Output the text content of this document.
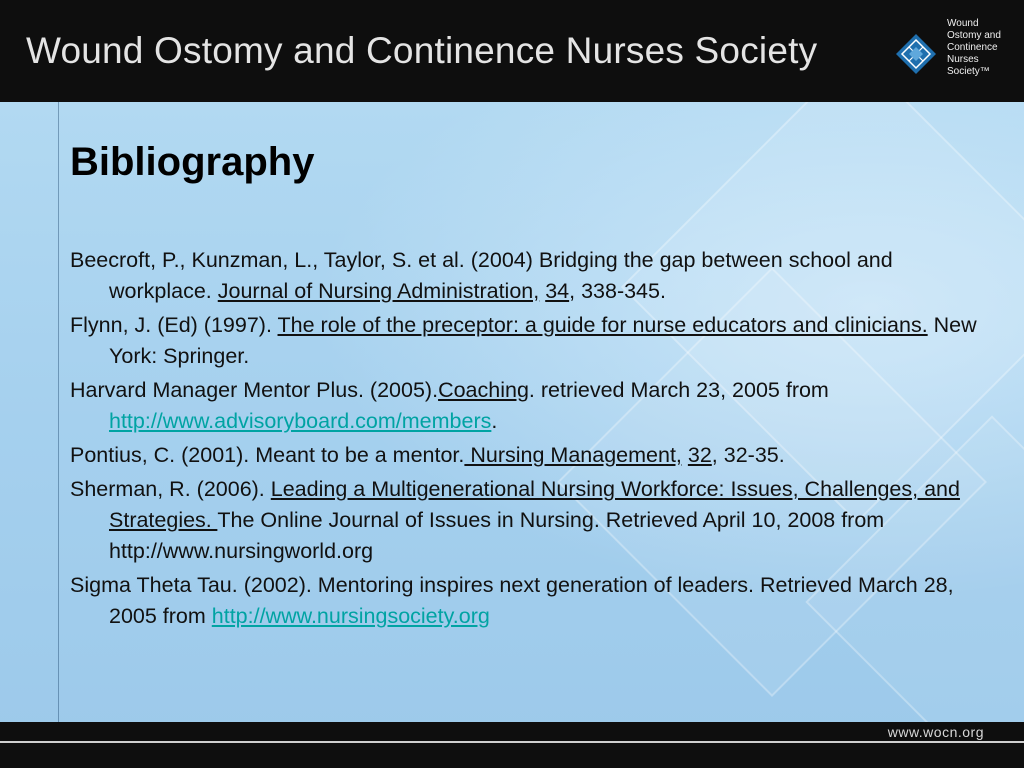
Wound Ostomy and Continence Nurses Society
Wound
Ostomy and
Continence
Nurses
Society™
Bibliography
Beecroft, P., Kunzman, L., Taylor, S. et al. (2004) Bridging the gap between school and workplace. Journal of Nursing Administration, 34, 338-345.
Flynn, J. (Ed) (1997). The role of the preceptor: a guide for nurse educators and clinicians. New York: Springer.
Harvard Manager Mentor Plus. (2005).Coaching. retrieved March 23, 2005 from http://www.advisoryboard.com/members.
Pontius, C. (2001). Meant to be a mentor. Nursing Management, 32, 32-35.
Sherman, R. (2006). Leading a Multigenerational Nursing Workforce: Issues, Challenges, and Strategies. The Online Journal of Issues in Nursing. Retrieved April 10, 2008 from http://www.nursingworld.org
Sigma Theta Tau. (2002). Mentoring inspires next generation of leaders. Retrieved March 28, 2005 from http://www.nursingsociety.org
www.wocn.org
